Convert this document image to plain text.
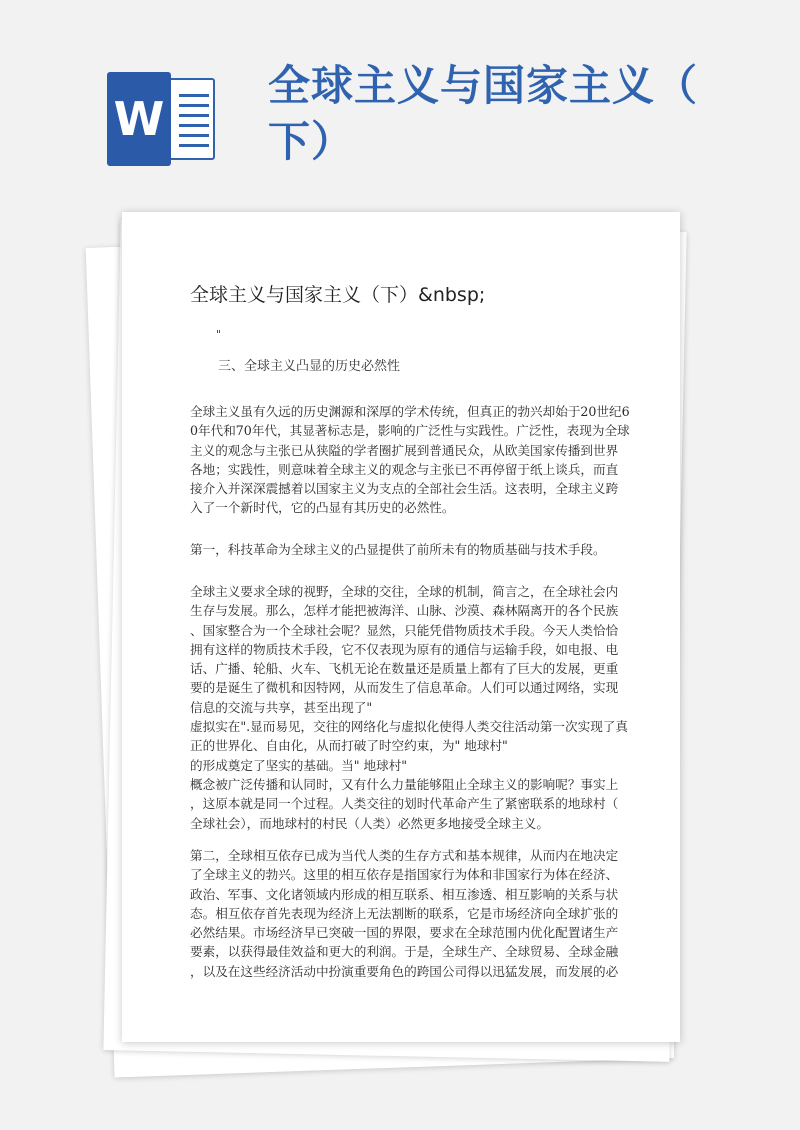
W
全球主义与国家主义（
下）
全球主义与国家主义（下）&nbsp;
"
三、全球主义凸显的历史必然性

全球主义虽有久远的历史渊源和深厚的学术传统，但真正的勃兴却始于20世纪6
0年代和70年代，其显著标志是，影响的广泛性与实践性。广泛性，表现为全球
主义的观念与主张已从狭隘的学者圈扩展到普通民众，从欧美国家传播到世界
各地；实践性，则意味着全球主义的观念与主张已不再停留于纸上谈兵，而直
接介入并深深震撼着以国家主义为支点的全部社会生活。这表明，全球主义跨
入了一个新时代，它的凸显有其历史的必然性。

第一，科技革命为全球主义的凸显提供了前所未有的物质基础与技术手段。

全球主义要求全球的视野，全球的交往，全球的机制，简言之，在全球社会内
生存与发展。那么，怎样才能把被海洋、山脉、沙漠、森林隔离开的各个民族
、国家整合为一个全球社会呢？显然，只能凭借物质技术手段。今天人类恰恰
拥有这样的物质技术手段，它不仅表现为原有的通信与运输手段，如电报、电
话、广播、轮船、火车、飞机无论在数量还是质量上都有了巨大的发展，更重
要的是诞生了微机和因特网，从而发生了信息革命。人们可以通过网络，实现
信息的交流与共享，甚至出现了"
虚拟实在".显而易见，交往的网络化与虚拟化使得人类交往活动第一次实现了真
正的世界化、自由化，从而打破了时空约束，为" 地球村"
的形成奠定了坚实的基础。当" 地球村"
概念被广泛传播和认同时，又有什么力量能够阻止全球主义的影响呢？事实上
，这原本就是同一个过程。人类交往的划时代革命产生了紧密联系的地球村（
全球社会），而地球村的村民（人类）必然更多地接受全球主义。

第二，全球相互依存已成为当代人类的生存方式和基本规律，从而内在地决定
了全球主义的勃兴。这里的相互依存是指国家行为体和非国家行为体在经济、
政治、军事、文化诸领域内形成的相互联系、相互渗透、相互影响的关系与状
态。相互依存首先表现为经济上无法割断的联系，它是市场经济向全球扩张的
必然结果。市场经济早已突破一国的界限，要求在全球范围内优化配置诸生产
要素，以获得最佳效益和更大的利润。于是，全球生产、全球贸易、全球金融
，以及在这些经济活动中扮演重要角色的跨国公司得以迅猛发展，而发展的必
